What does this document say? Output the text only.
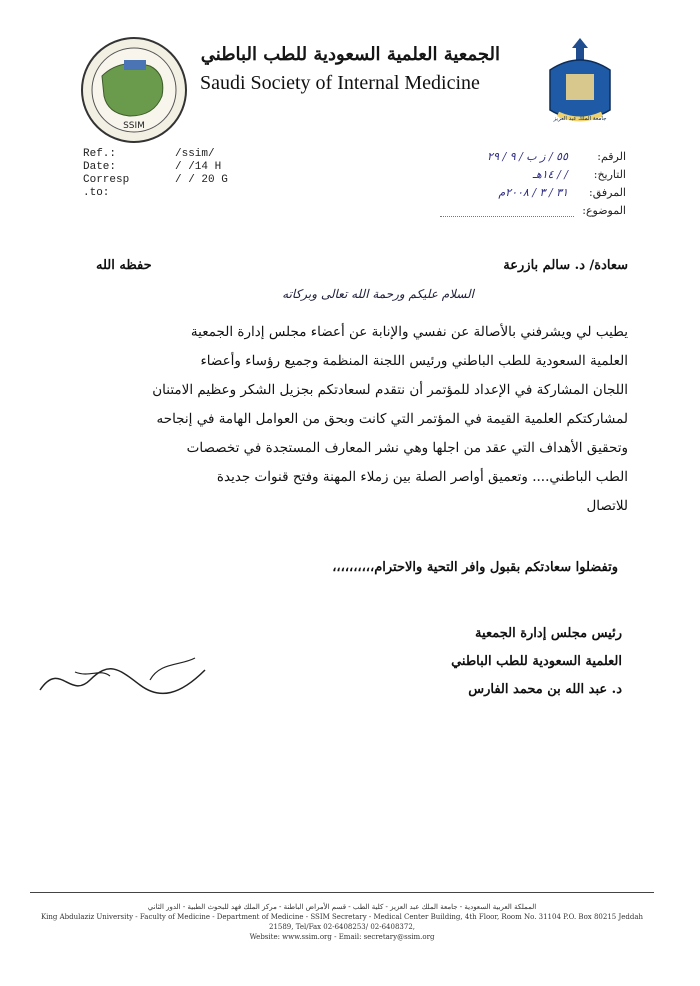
SSIM
جامعة الملك عبد العزيز
الجمعية العلمية السعودية للطب الباطني
Saudi Society of Internal Medicine
Ref.:	/ssim/
Date:	/ /14 H
Corresp .to:
/ / 20 G
الرقم:
٥٥ / ز ب / ٩ / ٢٩
التاريخ:
/ / ١٤هـ
المرفق:
٣١ / ٣ / ٢٠٠٨م
الموضوع:
سعادة/ د. سالم بازرعة
حفظه الله
السلام عليكم ورحمة الله تعالى وبركاته

يطيب لي ويشرفني بالأصالة عن نفسي والإنابة عن أعضاء مجلس إدارة الجمعية

العلمية السعودية للطب الباطني ورئيس اللجنة المنظمة وجميع رؤساء وأعضاء

اللجان المشاركة في الإعداد للمؤتمر أن نتقدم لسعادتكم بجزيل الشكر وعظيم الامتنان

لمشاركتكم العلمية القيمة في المؤتمر التي كانت وبحق من العوامل الهامة في إنجاحه

وتحقيق الأهداف التي عقد من اجلها وهي نشر المعارف المستجدة في تخصصات

الطب الباطني.... وتعميق أواصر الصلة بين زملاء المهنة وفتح قنوات جديدة

للاتصال

وتفضلوا سعادتكم بقبول وافر التحية والاحترام،،،،،،،،،،
رئيس مجلس إدارة الجمعية
العلمية السعودية للطب الباطني
د. عبد الله بن محمد الفارس
المملكة العربية السعودية - جامعة الملك عبد العزيز - كلية الطب - قسم الأمراض الباطنة - مركز الملك فهد للبحوث الطبية - الدور الثاني
King Abdulaziz University - Faculty of Medicine - Department of Medicine - SSIM Secretary - Medical Center Building, 4th Floor, Room No. 31104 P.O. Box 80215 Jeddah 21589, Tel/Fax 02-6408253/ 02-6408372,
Website: www.ssim.org - Email: secretary@ssim.org
